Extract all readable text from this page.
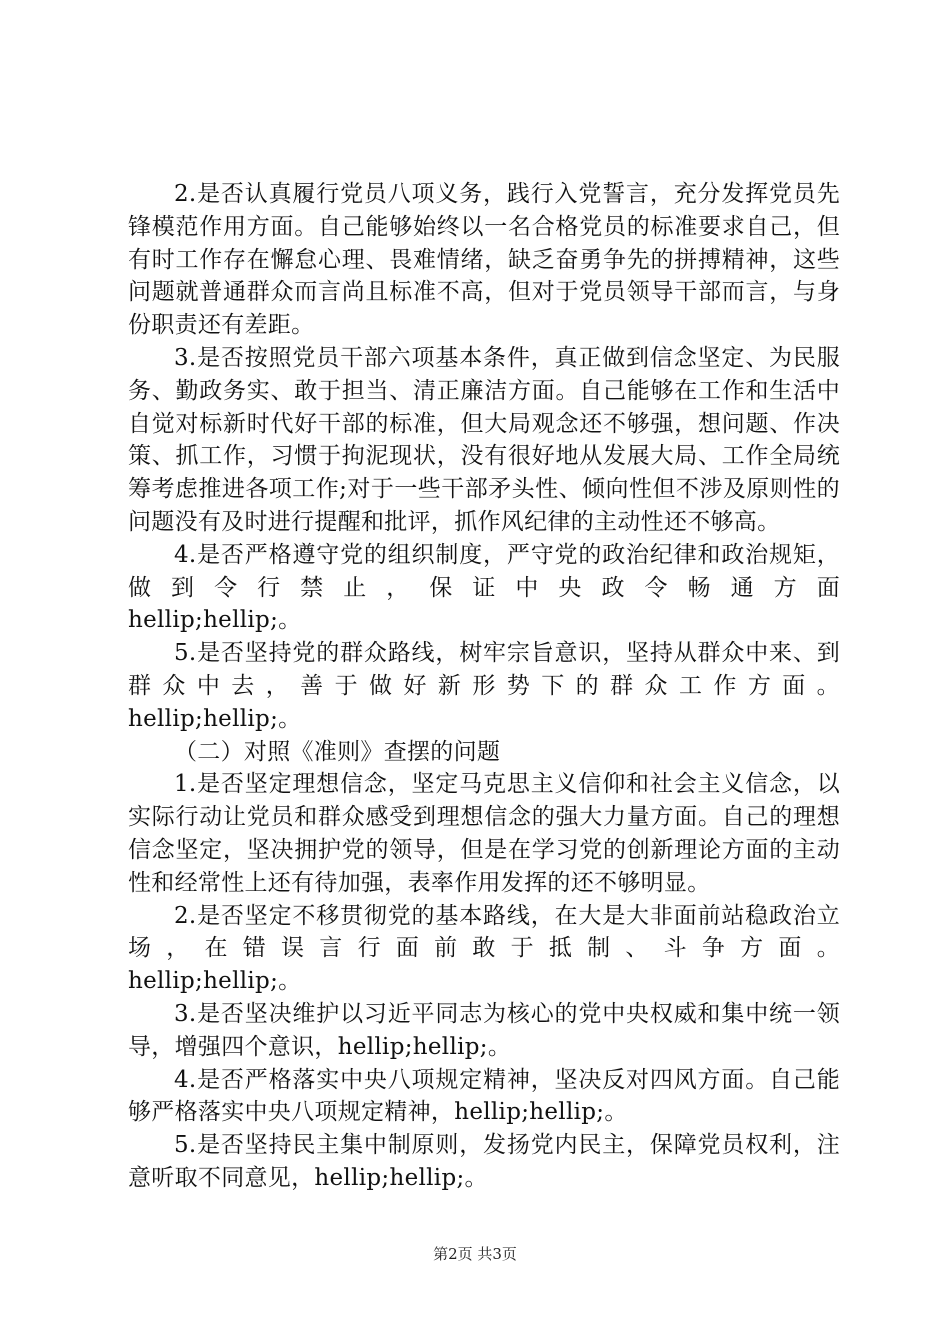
2.是否认真履行党员八项义务，践行入党誓言，充分发挥党员先锋模范作用方面。自己能够始终以一名合格党员的标准要求自己，但有时工作存在懈怠心理、畏难情绪，缺乏奋勇争先的拼搏精神，这些问题就普通群众而言尚且标准不高，但对于党员领导干部而言，与身份职责还有差距。

3.是否按照党员干部六项基本条件，真正做到信念坚定、为民服务、勤政务实、敢于担当、清正廉洁方面。自己能够在工作和生活中自觉对标新时代好干部的标准，但大局观念还不够强，想问题、作决策、抓工作，习惯于拘泥现状，没有很好地从发展大局、工作全局统筹考虑推进各项工作;对于一些干部矛头性、倾向性但不涉及原则性的问题没有及时进行提醒和批评，抓作风纪律的主动性还不够高。

4.是否严格遵守党的组织制度，严守党的政治纪律和政治规矩，做到令行禁止，保证中央政令畅通方面

hellip;hellip;。

5.是否坚持党的群众路线，树牢宗旨意识，坚持从群众中来、到群众中去，善于做好新形势下的群众工作方面。

hellip;hellip;。

（二）对照《准则》查摆的问题

1.是否坚定理想信念，坚定马克思主义信仰和社会主义信念，以实际行动让党员和群众感受到理想信念的强大力量方面。自己的理想信念坚定，坚决拥护党的领导，但是在学习党的创新理论方面的主动性和经常性上还有待加强，表率作用发挥的还不够明显。

2.是否坚定不移贯彻党的基本路线，在大是大非面前站稳政治立场，在错误言行面前敢于抵制、斗争方面。

hellip;hellip;。

3.是否坚决维护以习近平同志为核心的党中央权威和集中统一领导，增强四个意识，hellip;hellip;。

4.是否严格落实中央八项规定精神，坚决反对四风方面。自己能够严格落实中央八项规定精神，hellip;hellip;。

5.是否坚持民主集中制原则，发扬党内民主，保障党员权利，注意听取不同意见，hellip;hellip;。

第2页 共3页
